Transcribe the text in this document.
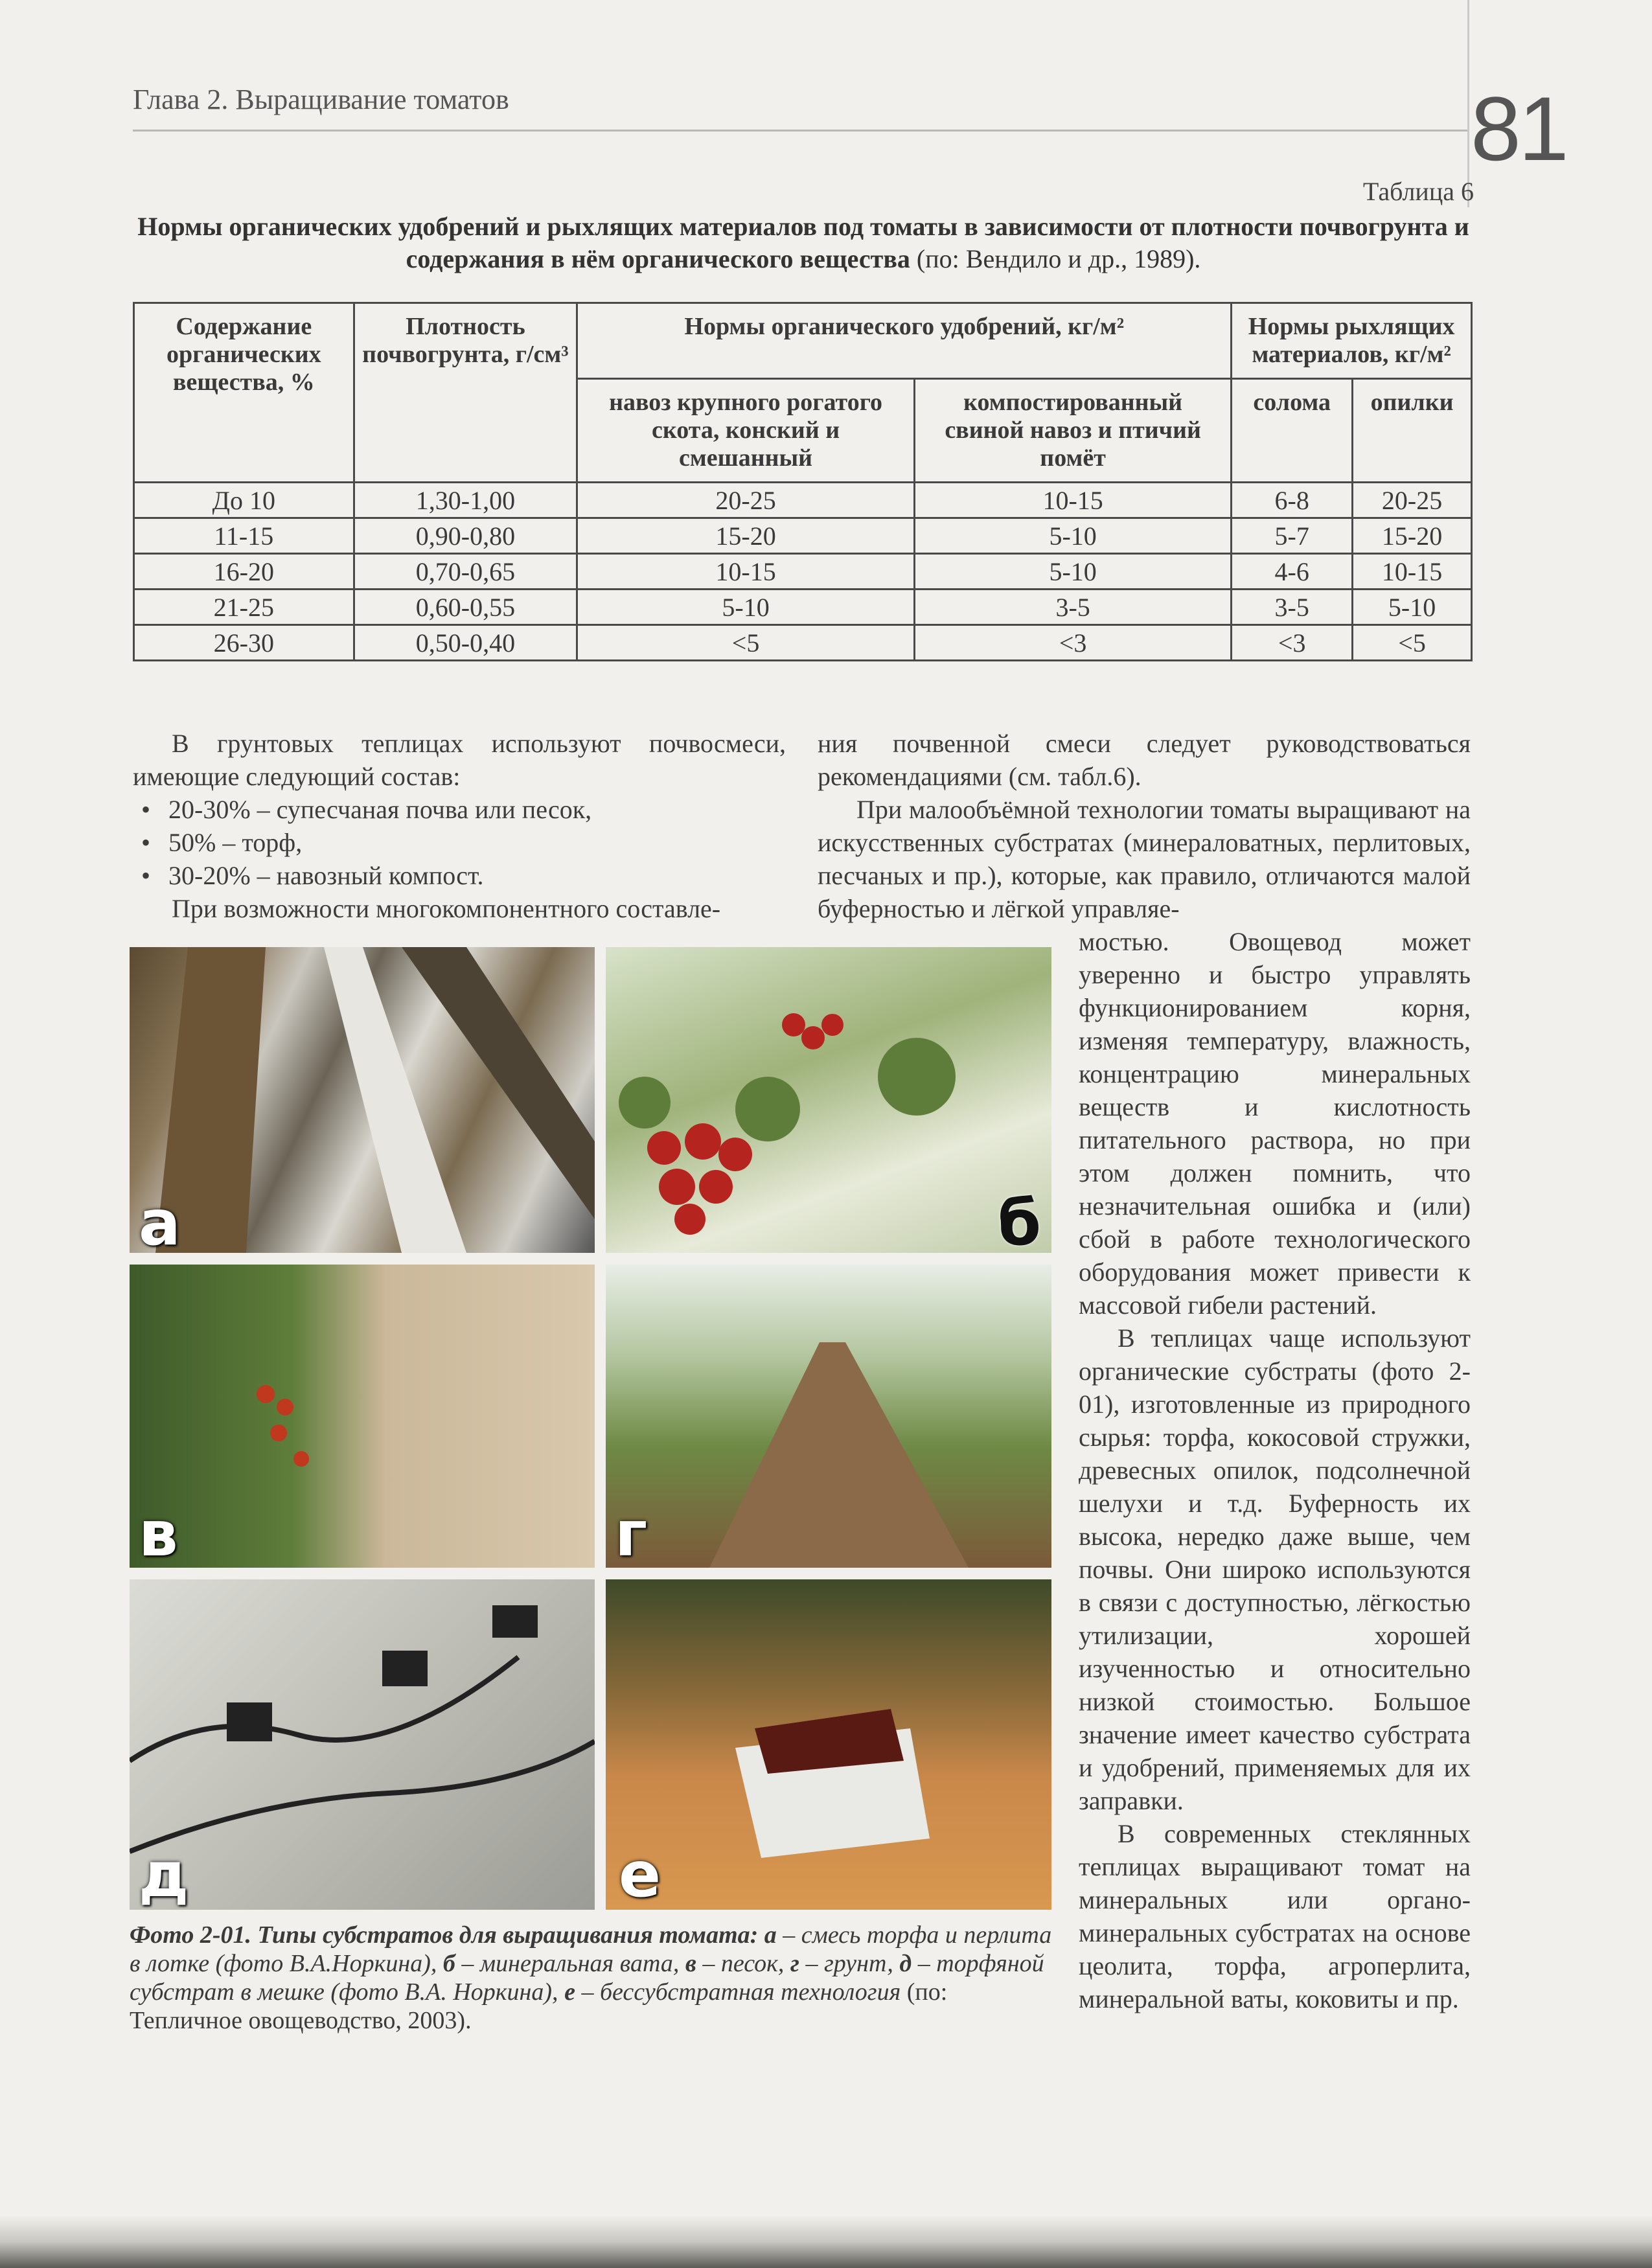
Глава 2. Выращивание томатов	81
Таблица 6
Нормы органических удобрений и рыхлящих материалов под томаты в зависимости от плотности почвогрунта и содержания в нём органического вещества (по: Вендило и др., 1989).
Содержание органических веществa, %	Плотность почвогрунта, г/см³	Нормы органического удобрений, кг/м²		Нормы рыхлящих материалов, кг/м²	
		навоз крупного рогатого скота, конский и смешанный	компостированный свиной навоз и птичий помёт	солома	опилки
До 10	1,30-1,00	20-25	10-15	6-8	20-25
11-15	0,90-0,80	15-20	5-10	5-7	15-20
16-20	0,70-0,65	10-15	5-10	4-6	10-15
21-25	0,60-0,55	5-10	3-5	3-5	5-10
26-30	0,50-0,40	<5	<3	<3	<5

В грунтовых теплицах используют почвосмеси, имеющие следующий состав:

• 20-30% – супесчаная почва или песок,
• 50% – торф,
• 30-20% – навозный компост.

При возможности многокомпонентного составле-

ния почвенной смеси следует руководствоваться рекомендациями (см. табл.6).

При малообъёмной технологии томаты выращивают на искусственных субстратах (минераловатных, перлитовых, песчаных и пр.), которые, как правило, отличаются малой буферностью и лёгкой управляе-

мостью. Овощевод может уверенно и быстро управлять функционированием корня, изменяя температуру, влажность, концентрацию минеральных веществ и кислотность питательного раствора, но при этом должен помнить, что незначительная ошибка и (или) сбой в работе технологического оборудования может привести к массовой гибели растений.

В теплицах чаще используют органические субстраты (фото 2-01), изготовленные из природного сырья: торфа, кокосовой стружки, древесных опилок, подсолнечной шелухи и т.д. Буферность их высока, нередко даже выше, чем почвы. Они широко используются в связи с доступностью, лёгкостью утилизации, хорошей изученностью и относительно низкой стоимостью. Большое значение имеет качество субстрата и удобрений, применяемых для их заправки.

В современных стеклянных теплицах выращивают томат на минеральных или органо-минеральных субстратах на основе цеолита, торфа, агроперлита, минеральной ваты, коковиты и пр.

а	б
в	г
д	е
Фото 2-01. Типы субстратов для выращивания томата: а – смесь торфа и перлита в лотке (фото В.А.Норкина), б – минеральная вата, в – песок, г – грунт, д – торфяной субстрат в мешке (фото В.А. Норкина), е – бессубстратная технология (по: Тепличное овощеводство, 2003).
